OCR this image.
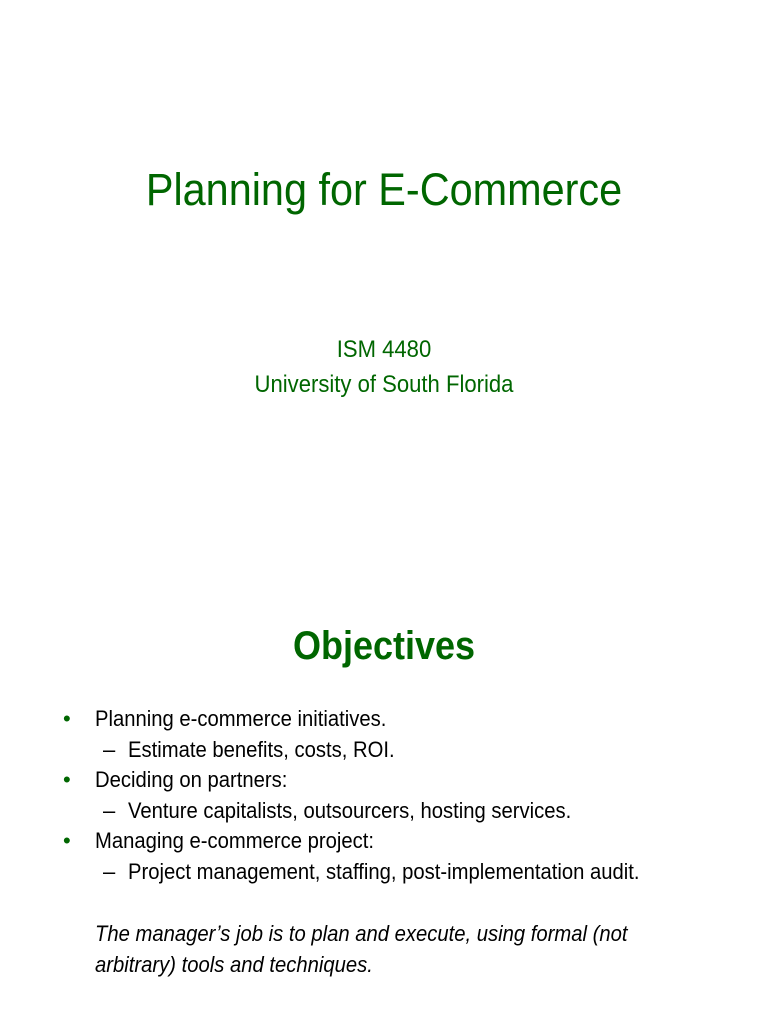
Planning for E-Commerce
ISM 4480
University of South Florida
Objectives
• Planning e-commerce initiatives.
– Estimate benefits, costs, ROI.
• Deciding on partners:
– Venture capitalists, outsourcers, hosting services.
• Managing e-commerce project:
– Project management, staffing, post-implementation audit.
The manager’s job is to plan and execute, using formal (not
arbitrary) tools and techniques.
